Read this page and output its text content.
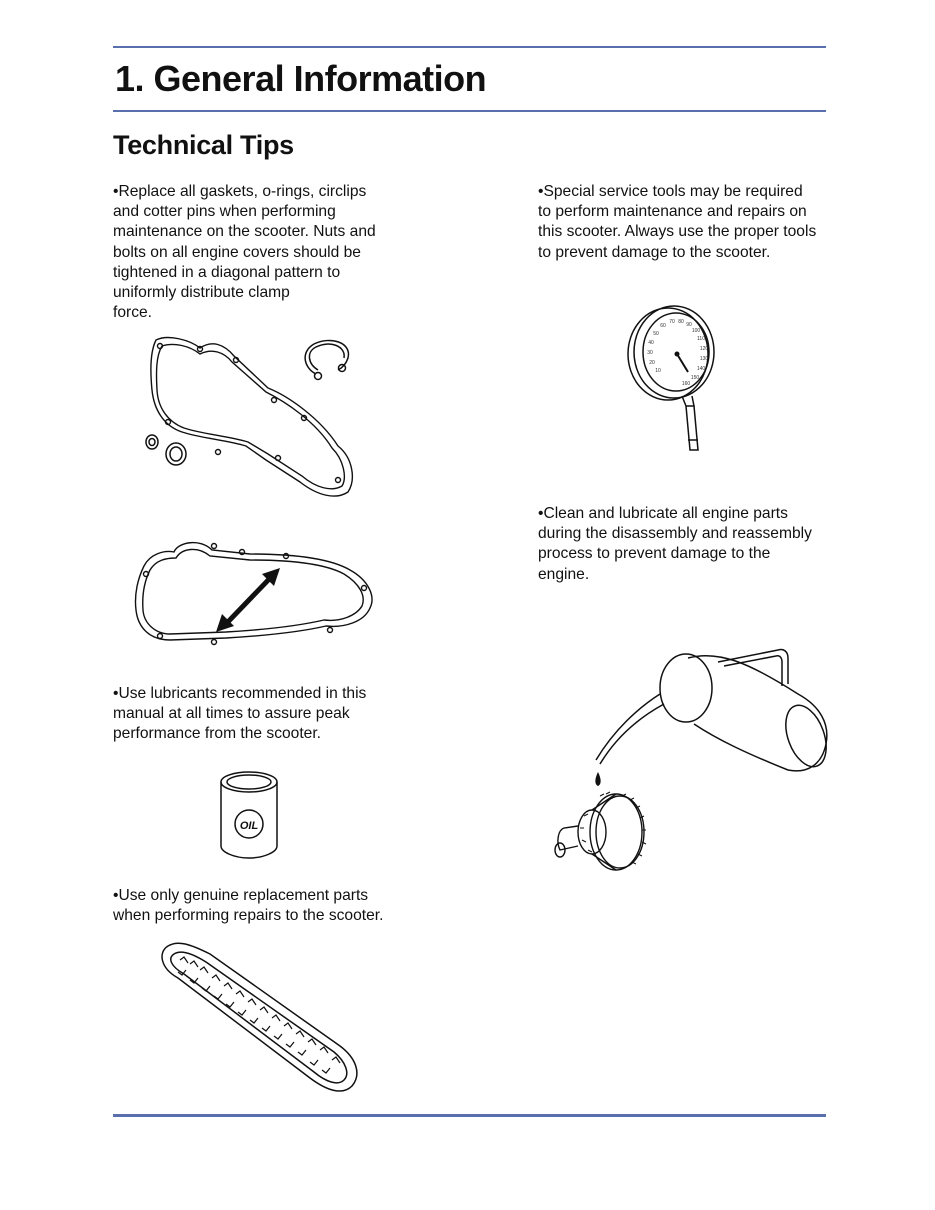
1. General Information
Technical Tips

•Replace all gaskets, o-rings, circlips
and cotter pins when performing
maintenance on the scooter. Nuts and
bolts on all engine covers should be
tightened in a diagonal pattern to
uniformly distribute clamp
force.

•Use lubricants recommended in this
manual at all times to assure peak
performance from the scooter.

•Use only genuine replacement parts
when performing repairs to the scooter.

•Special service tools may be required
to perform maintenance and repairs on
this scooter. Always use the proper tools
to prevent damage to the scooter.

•Clean and lubricate all engine parts
during the disassembly and reassembly
process to prevent damage to the
engine.

OIL
10
20
30
40
50
60
70 80 90
100
110
120
130
140
150
160
